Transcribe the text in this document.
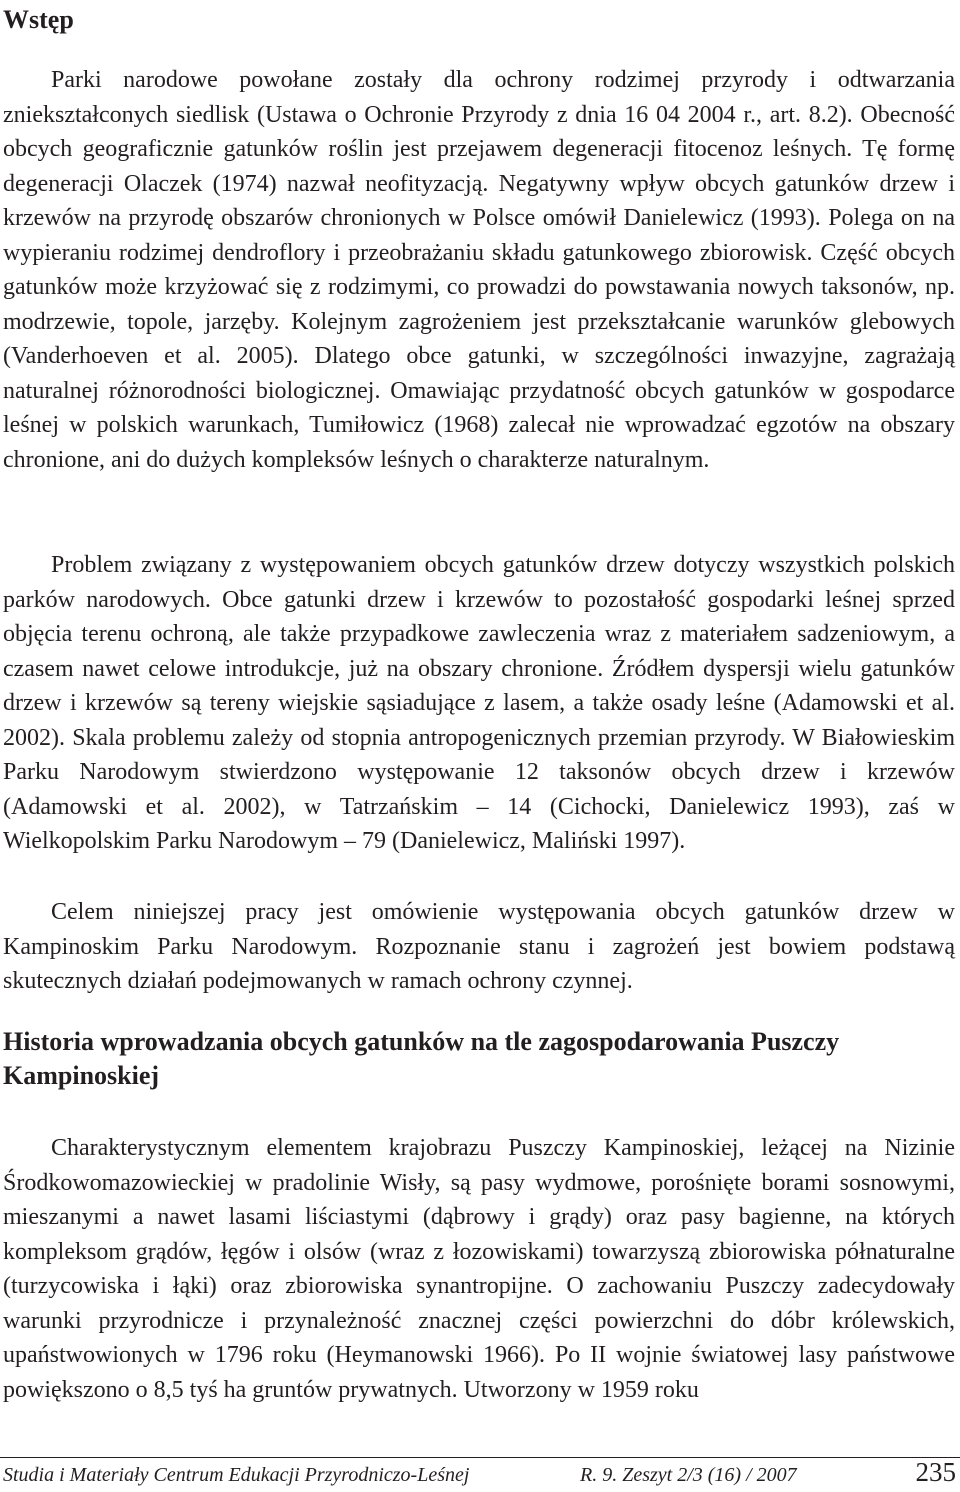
Wstęp

Parki narodowe powołane zostały dla ochrony rodzimej przyrody i odtwarzania zniekształconych siedlisk (Ustawa o Ochronie Przyrody z dnia 16 04 2004 r., art. 8.2). Obecność obcych geograficznie gatunków roślin jest przejawem degeneracji fitocenoz leśnych. Tę formę degeneracji Olaczek (1974) nazwał neofityzacją. Negatywny wpływ obcych gatunków drzew i krzewów na przyrodę obszarów chronionych w Polsce omówił Danielewicz (1993). Polega on na wypieraniu rodzimej dendroflory i przeobrażaniu składu gatunkowego zbiorowisk. Część obcych gatunków może krzyżować się z rodzimymi, co prowadzi do powstawania nowych taksonów, np. modrzewie, topole, jarzęby. Kolejnym zagrożeniem jest przekształcanie warunków glebowych (Vanderhoeven et al. 2005). Dlatego obce gatunki, w szczególności inwazyjne, zagrażają naturalnej różnorodności biologicznej. Omawiając przydatność obcych gatunków w gospodarce leśnej w polskich warunkach, Tumiłowicz (1968) zalecał nie wprowadzać egzotów na obszary chronione, ani do dużych kompleksów leśnych o charakterze naturalnym.

Problem związany z występowaniem obcych gatunków drzew dotyczy wszystkich polskich parków narodowych. Obce gatunki drzew i krzewów to pozostałość gospodarki leśnej sprzed objęcia terenu ochroną, ale także przypadkowe zawleczenia wraz z materiałem sadzeniowym, a czasem nawet celowe introdukcje, już na obszary chronione. Źródłem dyspersji wielu gatunków drzew i krzewów są tereny wiejskie sąsiadujące z lasem, a także osady leśne (Adamowski et al. 2002). Skala problemu zależy od stopnia antropogenicznych przemian przyrody. W Białowieskim Parku Narodowym stwierdzono występowanie 12 taksonów obcych drzew i krzewów (Adamowski et al. 2002), w Tatrzańskim – 14 (Cichocki, Danielewicz 1993), zaś w Wielkopolskim Parku Narodowym – 79 (Danielewicz, Maliński 1997).

Celem niniejszej pracy jest omówienie występowania obcych gatunków drzew w Kampinoskim Parku Narodowym. Rozpoznanie stanu i zagrożeń jest bowiem podstawą skutecznych działań podejmowanych w ramach ochrony czynnej.

Historia wprowadzania obcych gatunków na tle zagospodarowania Puszczy Kampinoskiej

Charakterystycznym elementem krajobrazu Puszczy Kampinoskiej, leżącej na Nizinie Środkowomazowieckiej w pradolinie Wisły, są pasy wydmowe, porośnięte borami sosnowymi, mieszanymi a nawet lasami liściastymi (dąbrowy i grądy) oraz pasy bagienne, na których kompleksom grądów, łęgów i olsów (wraz z łozowiskami) towarzyszą zbiorowiska półnaturalne (turzycowiska i łąki) oraz zbiorowiska synantropijne. O zachowaniu Puszczy zadecydowały warunki przyrodnicze i przynależność znacznej części powierzchni do dóbr królewskich, upaństwowionych w 1796 roku (Heymanowski 1966). Po II wojnie światowej lasy państwowe powiększono o 8,5 tyś ha gruntów prywatnych. Utworzony w 1959 roku

Studia i Materiały Centrum Edukacji Przyrodniczo-Leśnej	R. 9. Zeszyt 2/3 (16) / 2007	235
